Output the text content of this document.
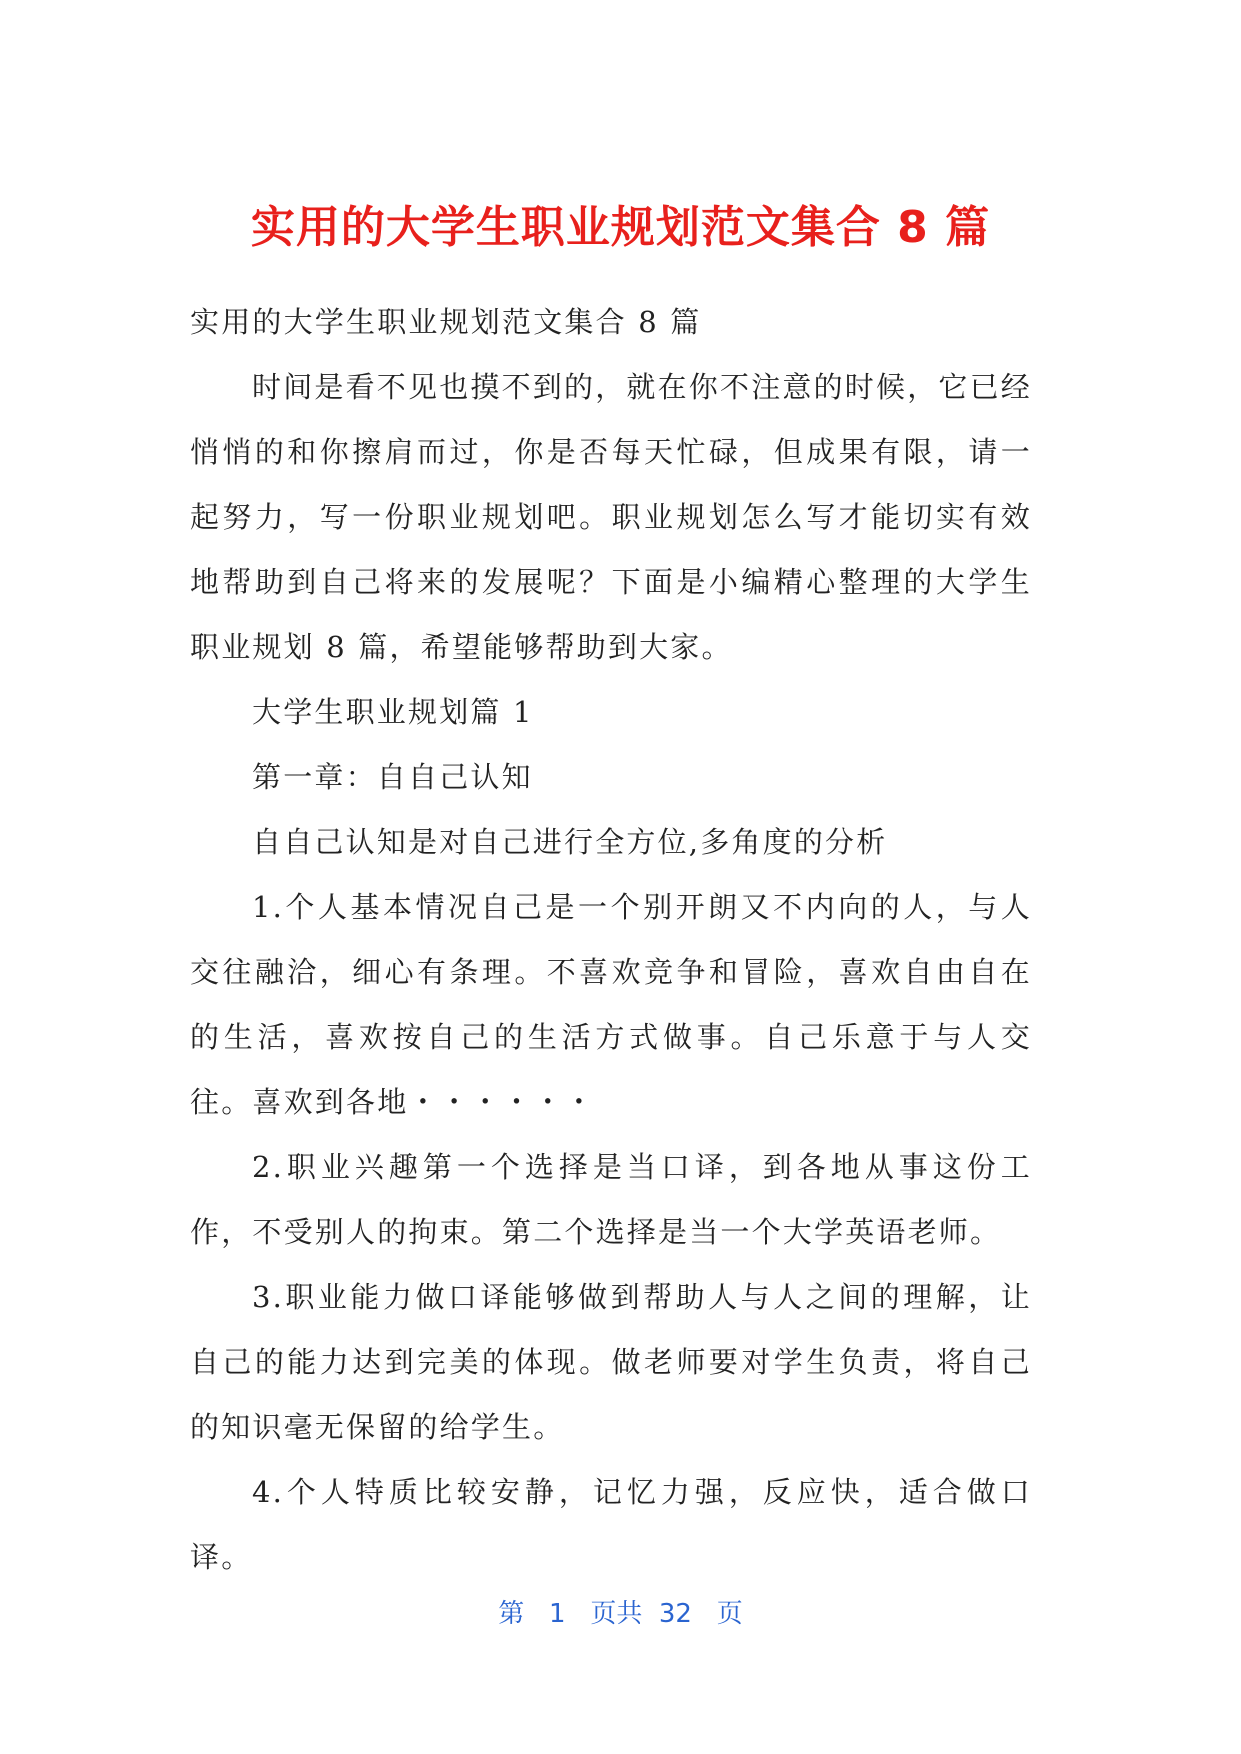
实用的大学生职业规划范文集合 8 篇

实用的大学生职业规划范文集合 8 篇

时间是看不见也摸不到的，就在你不注意的时候，它已经悄悄的和你擦肩而过，你是否每天忙碌，但成果有限，请一起努力，写一份职业规划吧。职业规划怎么写才能切实有效地帮助到自己将来的发展呢？下面是小编精心整理的大学生职业规划 8 篇，希望能够帮助到大家。

大学生职业规划篇 1

第一章：自自己认知

自自己认知是对自己进行全方位,多角度的分析

1.个人基本情况自己是一个别开朗又不内向的人，与人交往融洽，细心有条理。不喜欢竞争和冒险，喜欢自由自在的生活，喜欢按自己的生活方式做事。自己乐意于与人交往。喜欢到各地・・・・・・

2.职业兴趣第一个选择是当口译，到各地从事这份工作，不受别人的拘束。第二个选择是当一个大学英语老师。

3.职业能力做口译能够做到帮助人与人之间的理解，让自己的能力达到完美的体现。做老师要对学生负责，将自己的知识毫无保留的给学生。

4.个人特质比较安静，记忆力强，反应快，适合做口译。

第 1 页共 32 页
